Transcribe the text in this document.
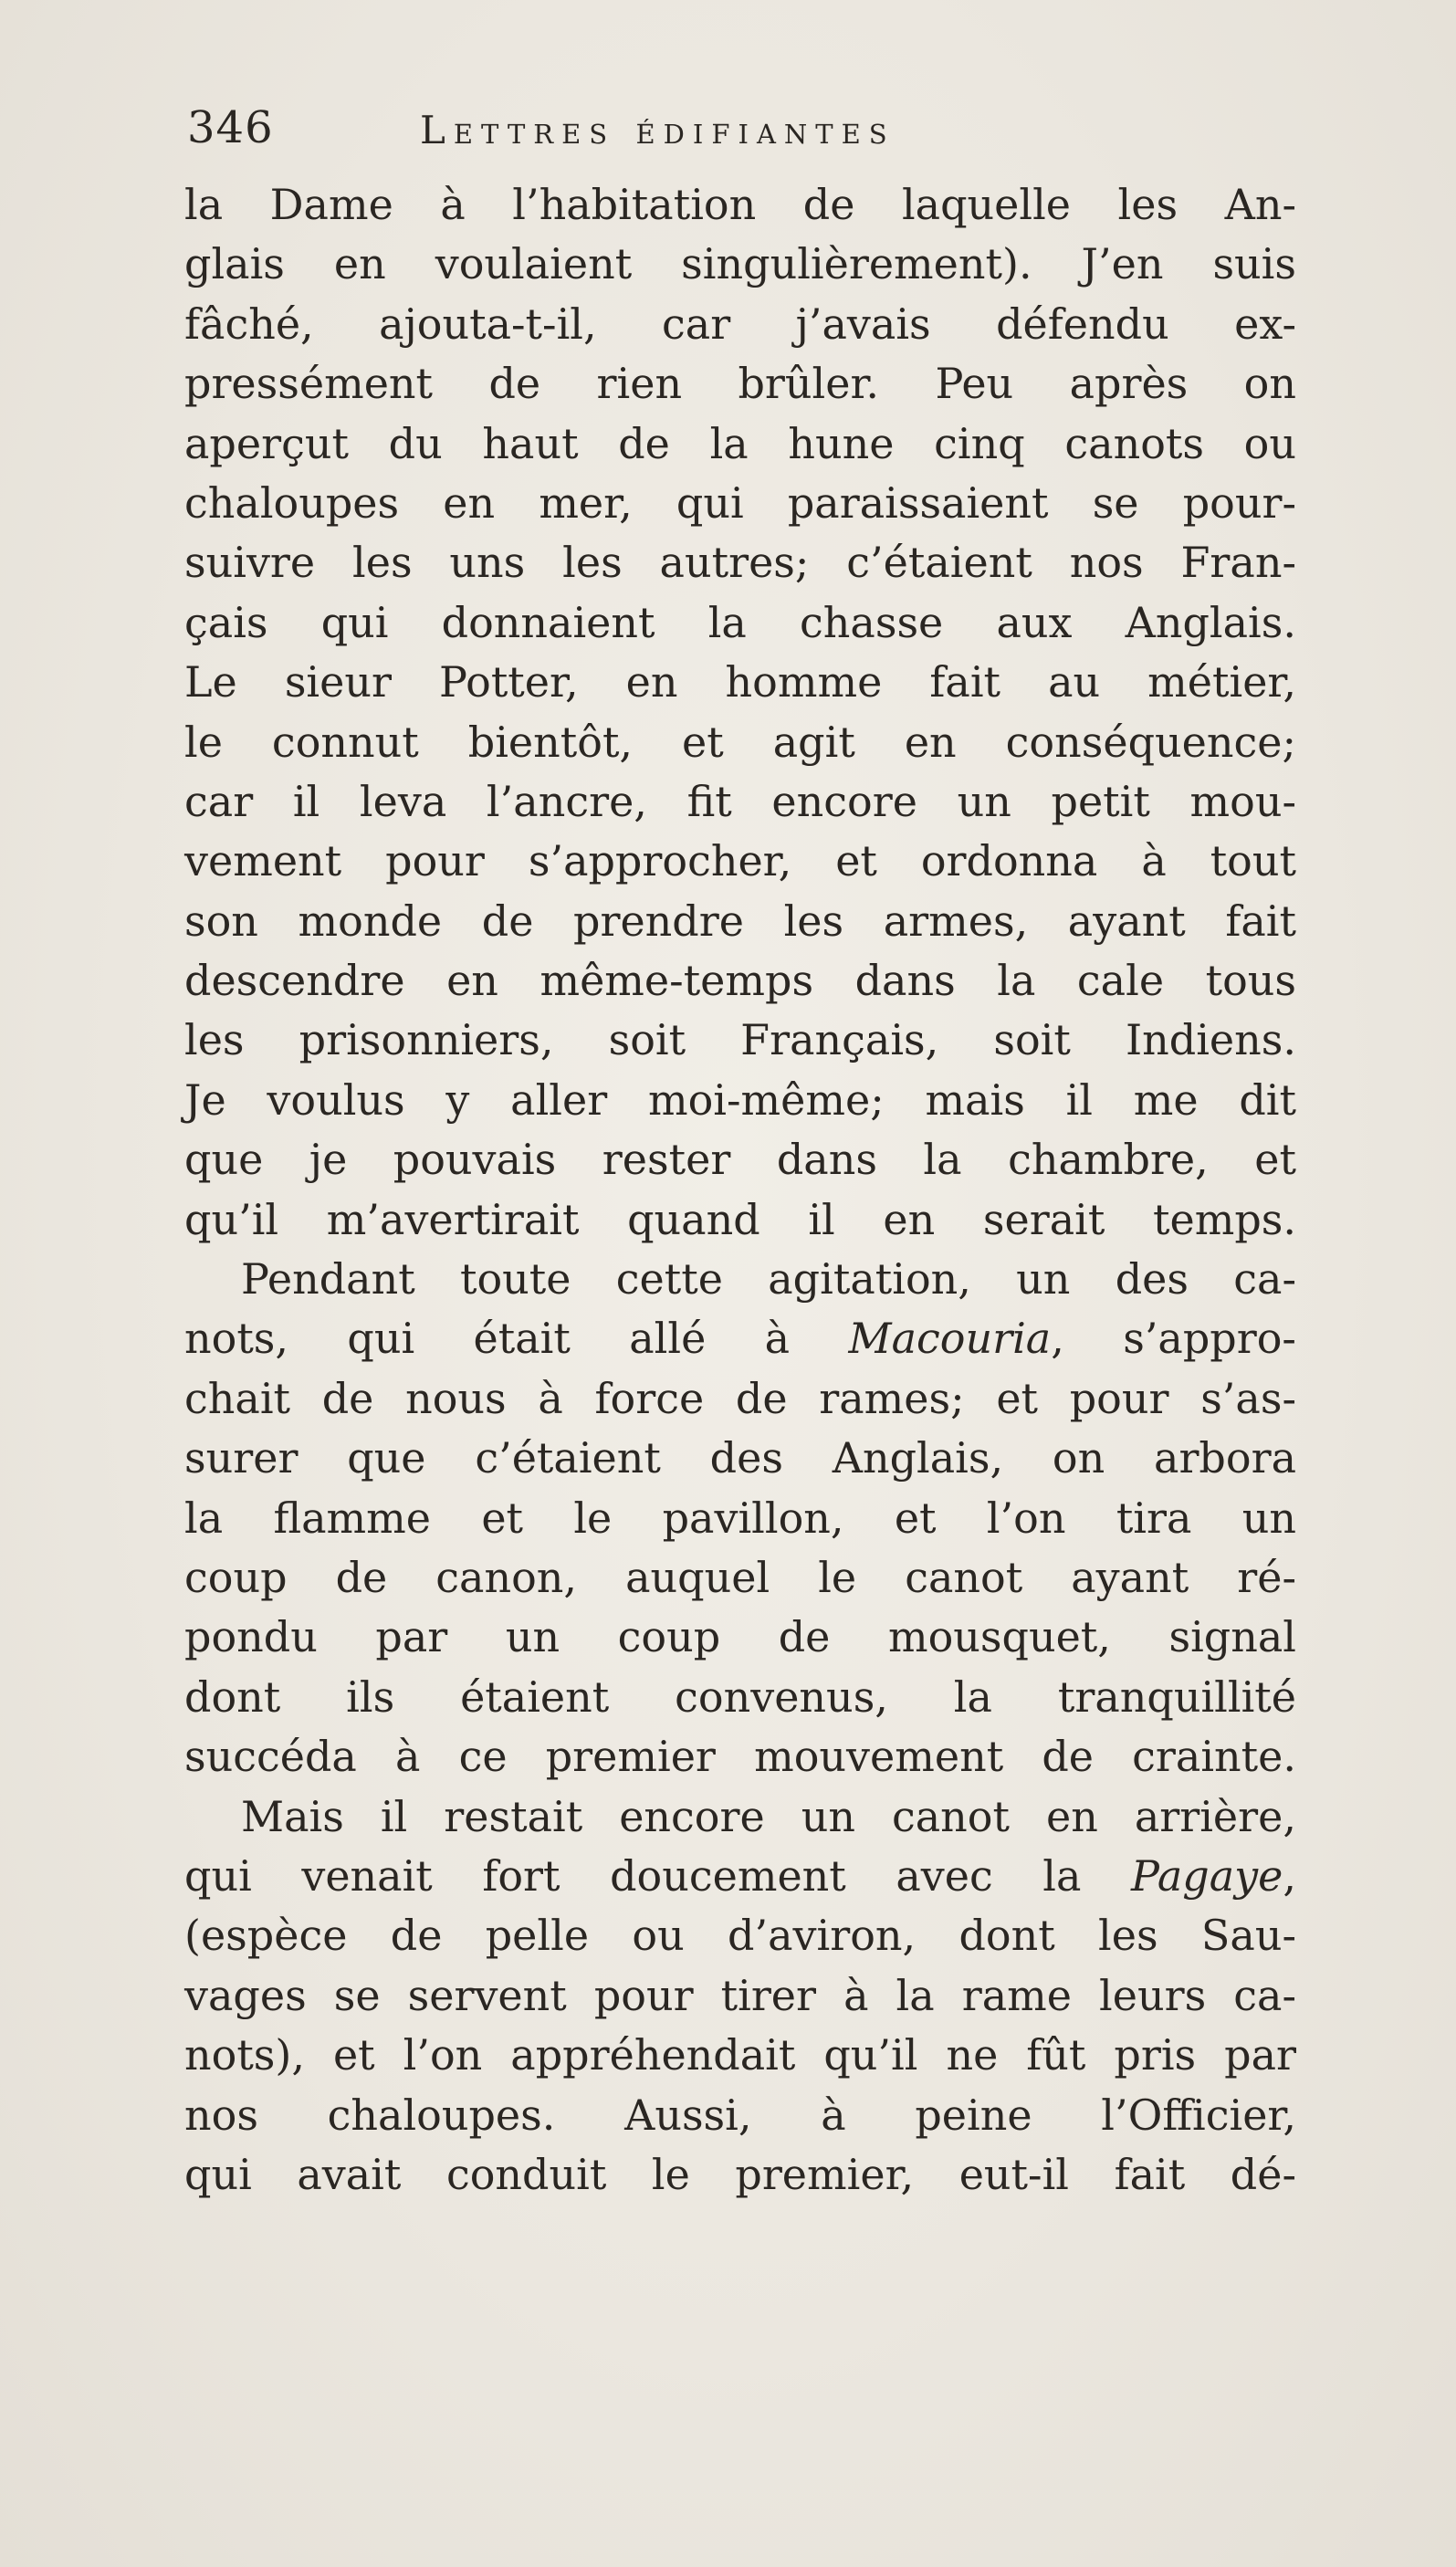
346	Lettres édifiantes
la Dame à l’habitation de laquelle les An-
glais en voulaient singulièrement). J’en suis
fâché, ajouta-t-il, car j’avais défendu ex-
pressément de rien brûler. Peu après on
aperçut du haut de la hune cinq canots ou
chaloupes en mer, qui paraissaient se pour-
suivre les uns les autres; c’étaient nos Fran-
çais qui donnaient la chasse aux Anglais.
Le sieur Potter, en homme fait au métier,
le connut bientôt, et agit en conséquence;
car il leva l’ancre, fit encore un petit mou-
vement pour s’approcher, et ordonna à tout
son monde de prendre les armes, ayant fait
descendre en même-temps dans la cale tous
les prisonniers, soit Français, soit Indiens.
Je voulus y aller moi-même; mais il me dit
que je pouvais rester dans la chambre, et
qu’il m’avertirait quand il en serait temps.
Pendant toute cette agitation, un des ca-
nots, qui était allé à Macouria, s’appro-
chait de nous à force de rames; et pour s’as-
surer que c’étaient des Anglais, on arbora
la flamme et le pavillon, et l’on tira un
coup de canon, auquel le canot ayant ré-
pondu par un coup de mousquet, signal
dont ils étaient convenus, la tranquillité
succéda à ce premier mouvement de crainte.
Mais il restait encore un canot en arrière,
qui venait fort doucement avec la Pagaye,
(espèce de pelle ou d’aviron, dont les Sau-
vages se servent pour tirer à la rame leurs ca-
nots), et l’on appréhendait qu’il ne fût pris par
nos chaloupes. Aussi, à peine l’Officier,
qui avait conduit le premier, eut-il fait dé-
